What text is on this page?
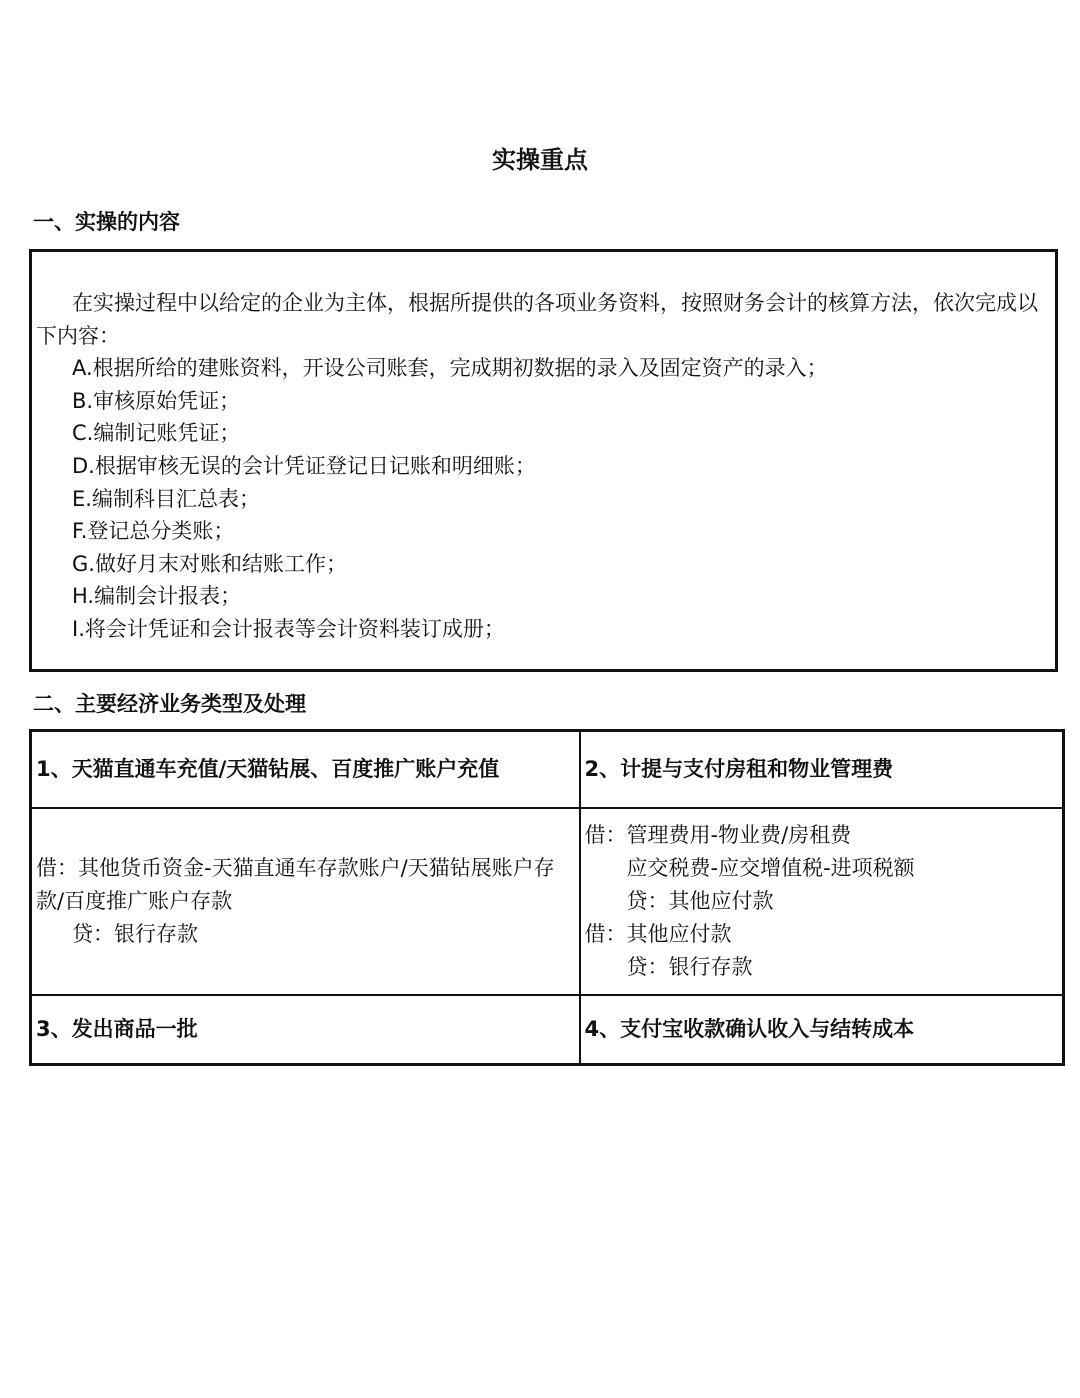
实操重点
一、实操的内容

在实操过程中以给定的企业为主体，根据所提供的各项业务资料，按照财务会计的核算方法，依次完成以下内容：

A.根据所给的建账资料，开设公司账套，完成期初数据的录入及固定资产的录入；

B.审核原始凭证；

C.编制记账凭证；

D.根据审核无误的会计凭证登记日记账和明细账；

E.编制科目汇总表；

F.登记总分类账；

G.做好月末对账和结账工作；

H.编制会计报表；

I.将会计凭证和会计报表等会计资料装订成册；

二、主要经济业务类型及处理
1、天猫直通车充值/天猫钻展、百度推广账户充值	2、计提与支付房租和物业管理费

借：其他货币资金-天猫直通车存款账户/天猫钻展账户存款/百度推广账户存款
贷：银行存款	借：管理费用-物业费/房租费
应交税费-应交增值税-进项税额
贷：其他应付款
借：其他应付款
贷：银行存款

3、发出商品一批	4、支付宝收款确认收入与结转成本
